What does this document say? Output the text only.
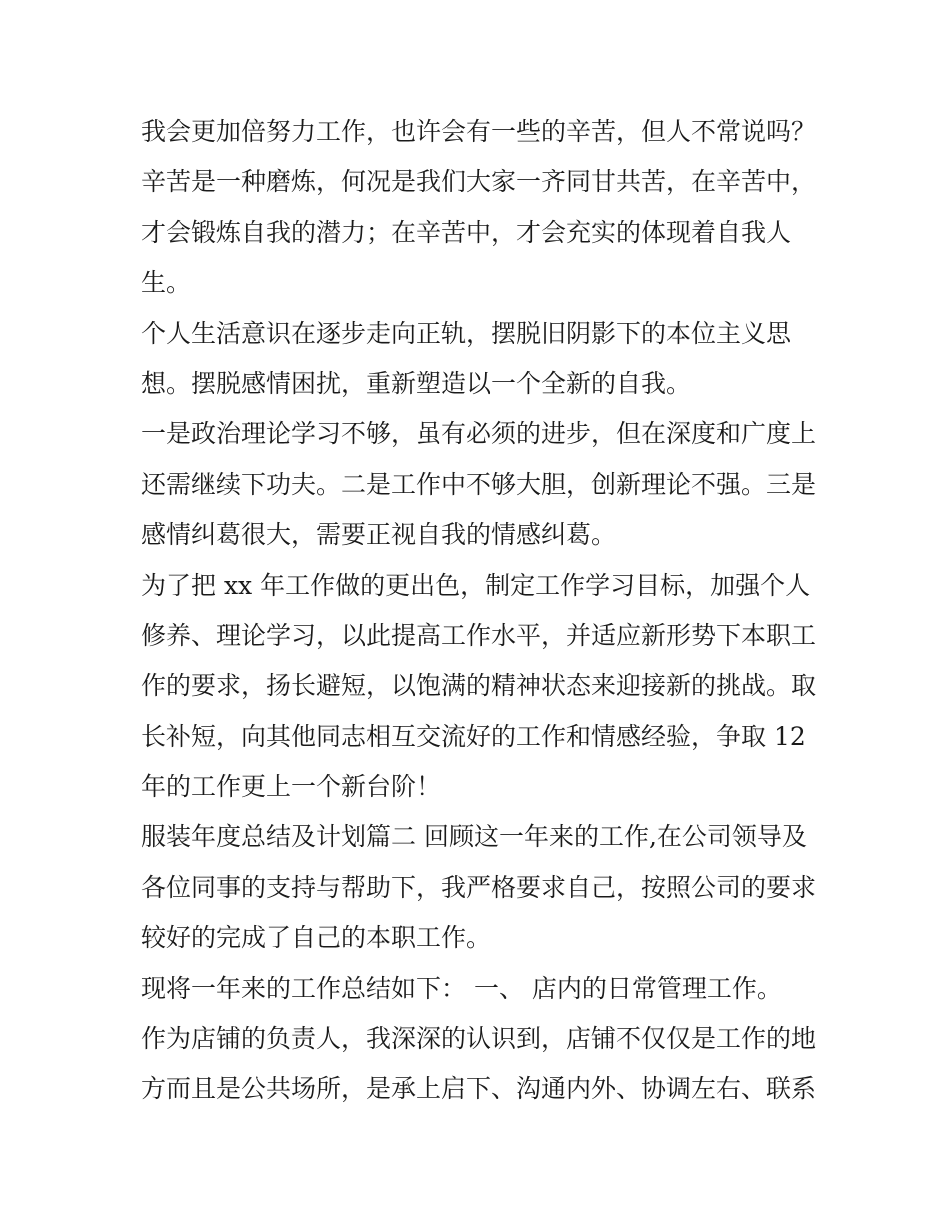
我会更加倍努力工作，也许会有一些的辛苦，但人不常说吗？
辛苦是一种磨炼，何况是我们大家一齐同甘共苦，在辛苦中，
才会锻炼自我的潜力；在辛苦中，才会充实的体现着自我人
生。
个人生活意识在逐步走向正轨，摆脱旧阴影下的本位主义思
想。摆脱感情困扰，重新塑造以一个全新的自我。
一是政治理论学习不够，虽有必须的进步，但在深度和广度上
还需继续下功夫。二是工作中不够大胆，创新理论不强。三是
感情纠葛很大，需要正视自我的情感纠葛。
为了把 xx 年工作做的更出色，制定工作学习目标，加强个人
修养、理论学习，以此提高工作水平，并适应新形势下本职工
作的要求，扬长避短，以饱满的精神状态来迎接新的挑战。取
长补短，向其他同志相互交流好的工作和情感经验，争取 12
年的工作更上一个新台阶！
服装年度总结及计划篇二 回顾这一年来的工作,在公司领导及
各位同事的支持与帮助下，我严格要求自己，按照公司的要求
较好的完成了自己的本职工作。
现将一年来的工作总结如下： 一、 店内的日常管理工作。
作为店铺的负责人，我深深的认识到，店铺不仅仅是工作的地
方而且是公共场所，是承上启下、沟通内外、协调左右、联系
